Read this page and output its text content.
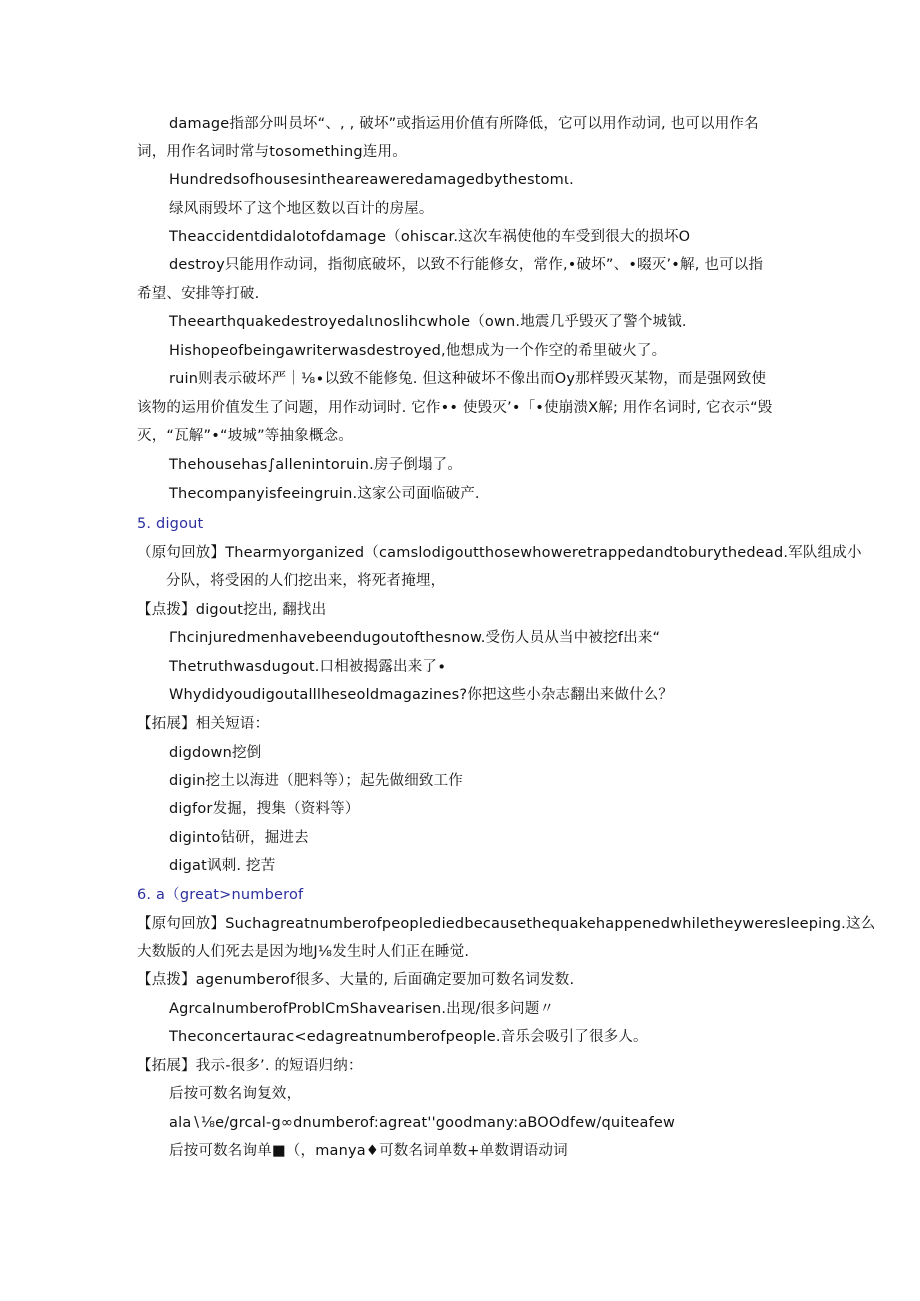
damage指部分叫员坏“、, , 破坏”或指运用价值有所降低，它可以用作动词, 也可以用作名
词，用作名词时常与tosomething连用。
Hundredsofhousesintheareaweredamagedbythestomι.
绿风雨毁坏了这个地区数以百计的房屋。
Theaccidentdidalotofdamage（ohiscar.这次车祸使他的车受到很大的损坏O
destroy只能用作动词，指彻底破坏，以致不行能修女，常作,•破坏”、•啜灭’•解, 也可以指
希望、安排等打破.
Theearthquakedestroyedalιnoslihcwhole（own.地震几乎毁灭了警个城钺.
Hishopeofbeingawriterwasdestroyed,他想成为一个作空的希里破火了。
ruin则表示破坏严｜⅛∙以致不能修兔. 但这种破坏不像出而Oy那样毁灭某物，而是强网致使
该物的运用价值发生了问题，用作动词时. 它作•• 使毁灭’•「•使崩溃X解; 用作名词时, 它衣示“毁
灭，“瓦解”•“坡城”等抽象概念。
Thehousehas∫allenintoruin.房子倒塌了。
Thecompanyisfeeingruin.这家公司面临破产.
5. digout
（原句回放】Thearmyorganized（camslodigoutthosewhoweretrappedandtoburythedead.军队组成小
分队，将受困的人们挖出来，将死者掩埋，
【点拨】digout挖出, 翻找出
Γhcinjuredmenhavebeendugoutofthesnow.受伤人员从当中被挖f出来“
Thetruthwasdugout.口相被揭露出来了∙
Whydidyoudigoutalllheseoldmagazines?你把这些小杂志翻出来做什么？
【拓展】相关短语：
digdown挖倒
digin挖土以海进（肥料等）；起先做细致工作
digfor发掘，搜集（资料等）
diginto钻研，掘进去
digat讽刺. 挖苦
6. a（great>numberof
【原句回放】Suchagreatnumberofpeopledie‍dbecausethequakehappenedwhiletheyweresleeping.这么
大数版的人们死去是因为地J⅛发生时人们正在睡觉.
【点拨】agenumberof很多、大量的, 后面确定要加可数名词发数.
AgrcaInumberofProblCmShavearisen.出现∕很多问题〃
Theconcertaurac<edagreatnumberofpeople.音乐会吸引了很多人。
【拓展】我示-很多’. 的短语归纳：
后按可数名询复效，
ala∖⅛e∕grcal-g∞dnumberof:agreat''goodmany:aBOOdfew/quiteafew
后按可数名询单■（，manya♦可数名词单数+单数谓语动词
